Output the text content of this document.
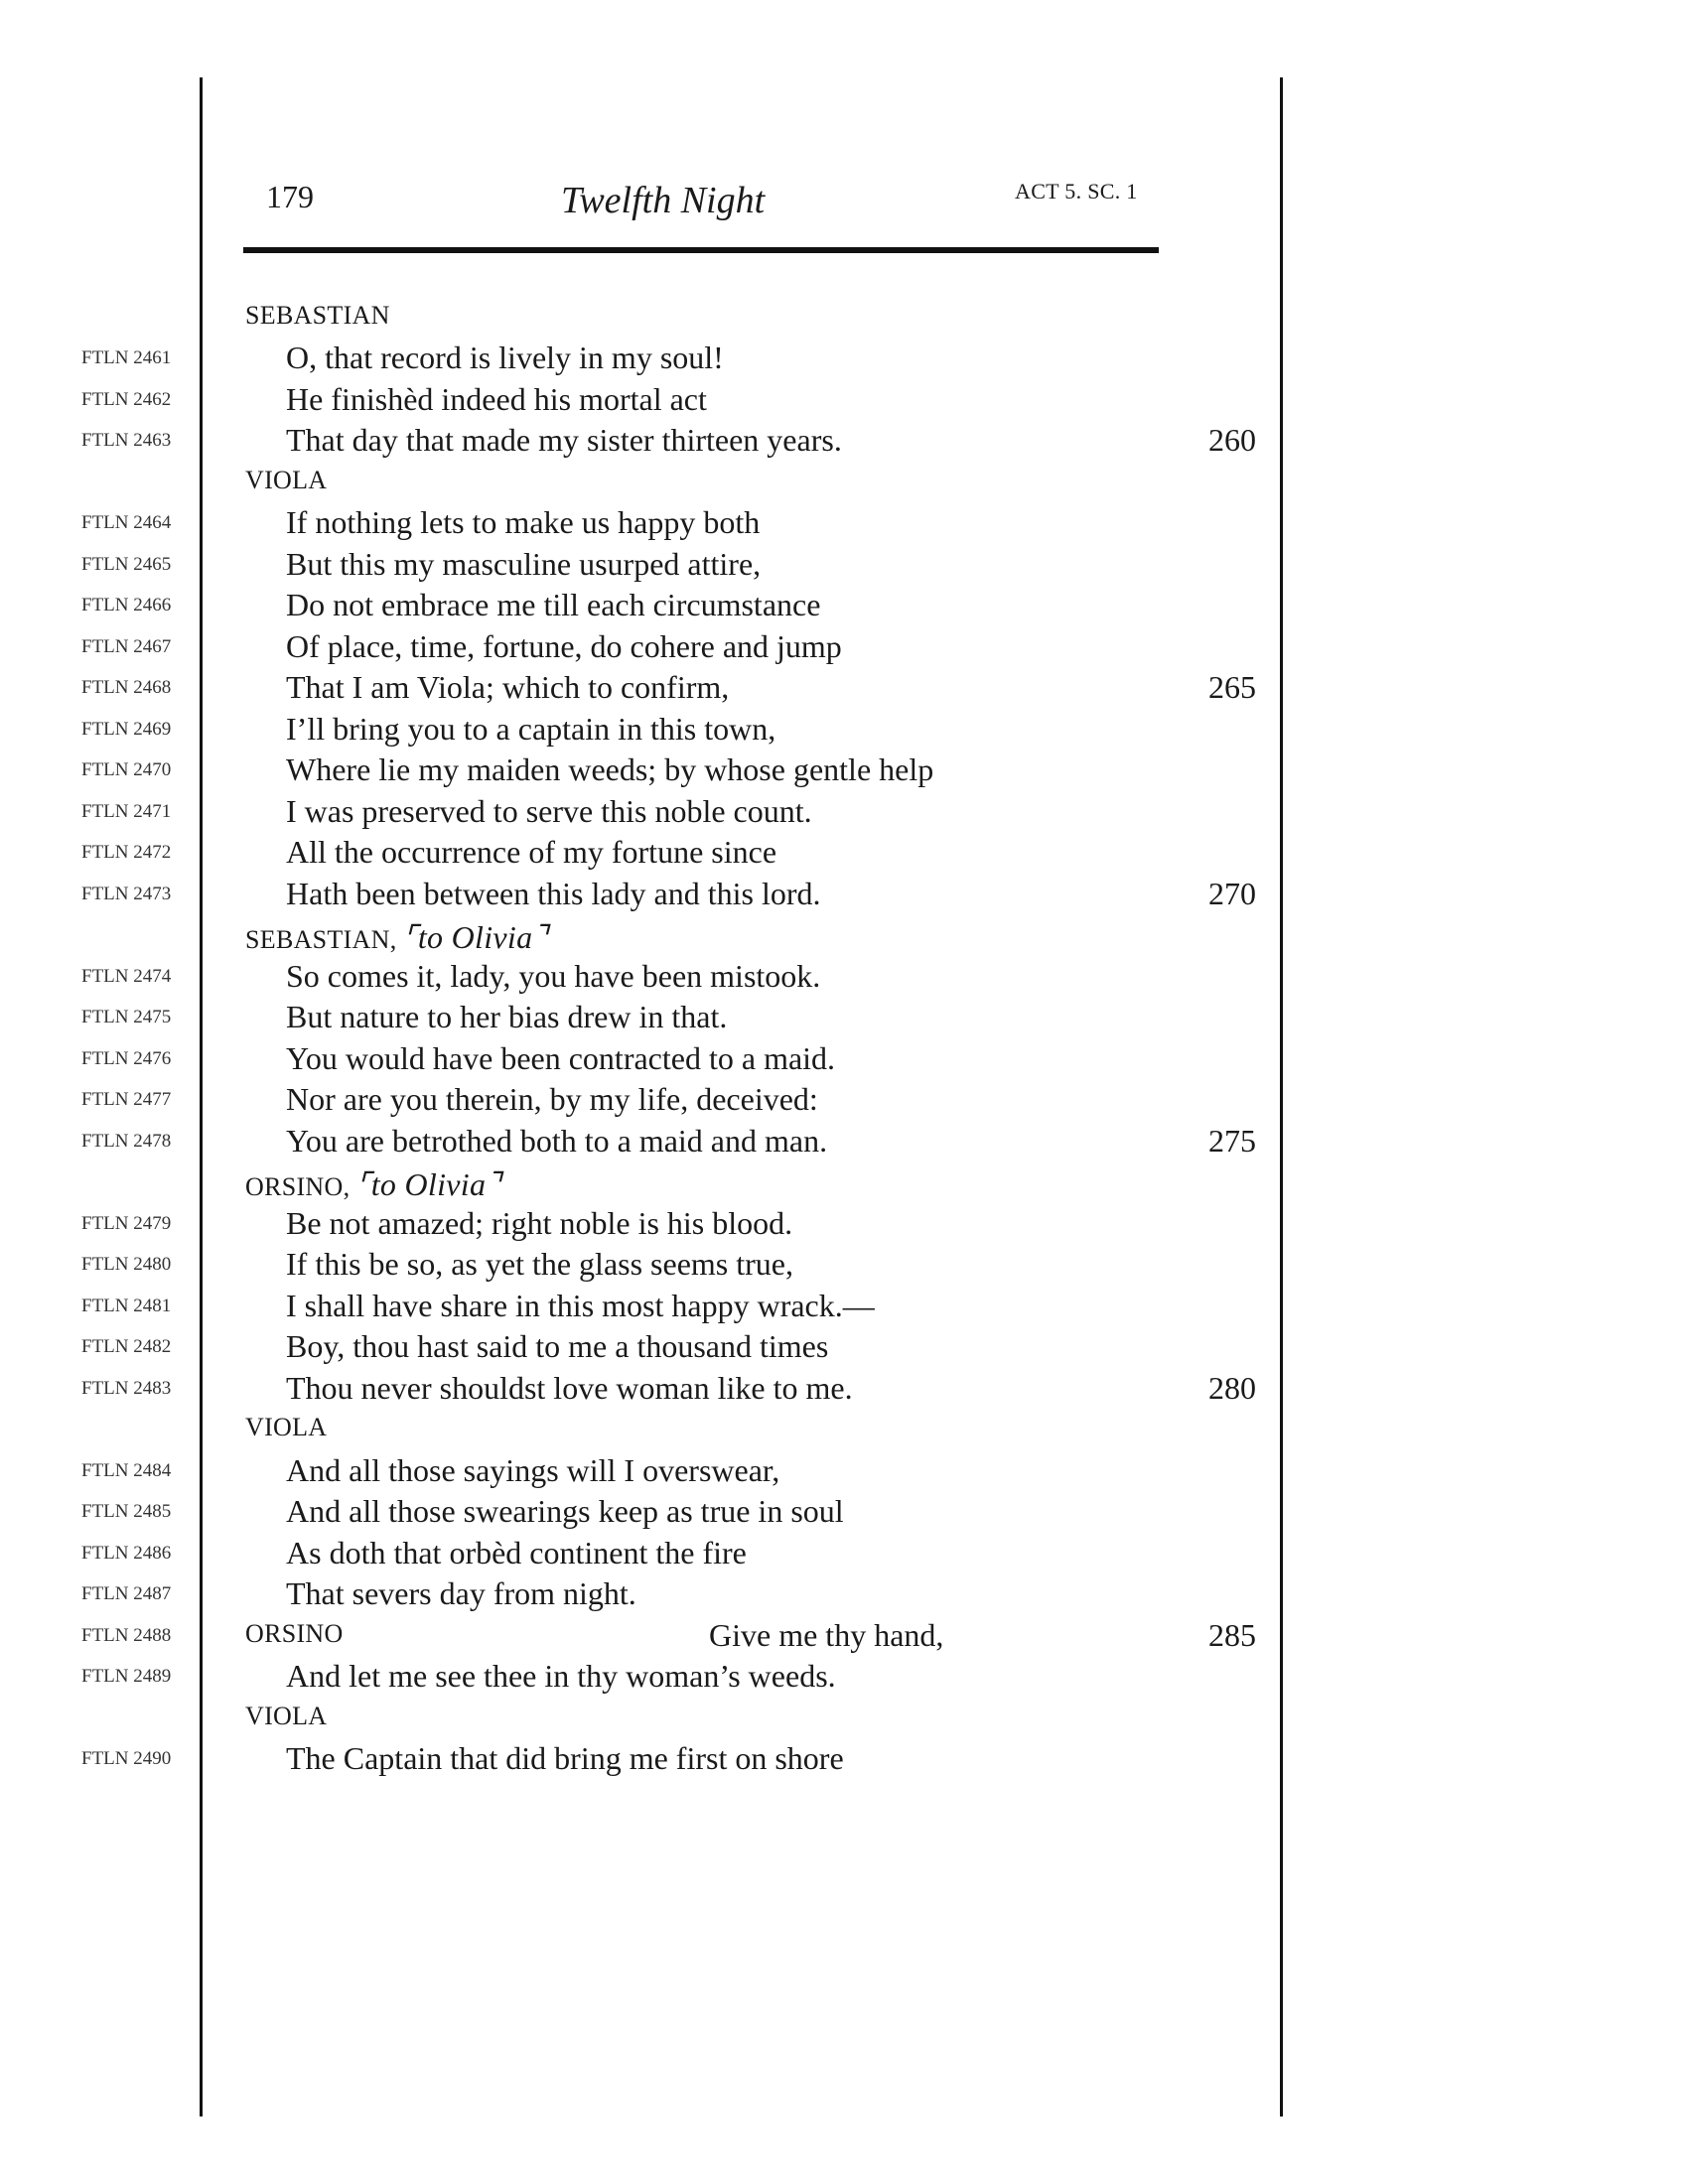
179	Twelfth Night	ACT 5. SC. 1
SEBASTIAN
FTLN 2461	O, that record is lively in my soul!
FTLN 2462	He finishèd indeed his mortal act
FTLN 2463	That day that made my sister thirteen years.	260
VIOLA
FTLN 2464	If nothing lets to make us happy both
FTLN 2465	But this my masculine usurped attire,
FTLN 2466	Do not embrace me till each circumstance
FTLN 2467	Of place, time, fortune, do cohere and jump
FTLN 2468	That I am Viola; which to confirm,	265
FTLN 2469	I’ll bring you to a captain in this town,
FTLN 2470	Where lie my maiden weeds; by whose gentle help
FTLN 2471	I was preserved to serve this noble count.
FTLN 2472	All the occurrence of my fortune since
FTLN 2473	Hath been between this lady and this lord.	270
SEBASTIAN, ⌜to Olivia⌝
FTLN 2474	So comes it, lady, you have been mistook.
FTLN 2475	But nature to her bias drew in that.
FTLN 2476	You would have been contracted to a maid.
FTLN 2477	Nor are you therein, by my life, deceived:
FTLN 2478	You are betrothed both to a maid and man.	275
ORSINO, ⌜to Olivia⌝
FTLN 2479	Be not amazed; right noble is his blood.
FTLN 2480	If this be so, as yet the glass seems true,
FTLN 2481	I shall have share in this most happy wrack.—
FTLN 2482	Boy, thou hast said to me a thousand times
FTLN 2483	Thou never shouldst love woman like to me.	280
VIOLA
FTLN 2484	And all those sayings will I overswear,
FTLN 2485	And all those swearings keep as true in soul
FTLN 2486	As doth that orbèd continent the fire
FTLN 2487	That severs day from night.
FTLN 2488	ORSINO	Give me thy hand,	285
FTLN 2489	And let me see thee in thy woman’s weeds.
VIOLA
FTLN 2490	The Captain that did bring me first on shore
